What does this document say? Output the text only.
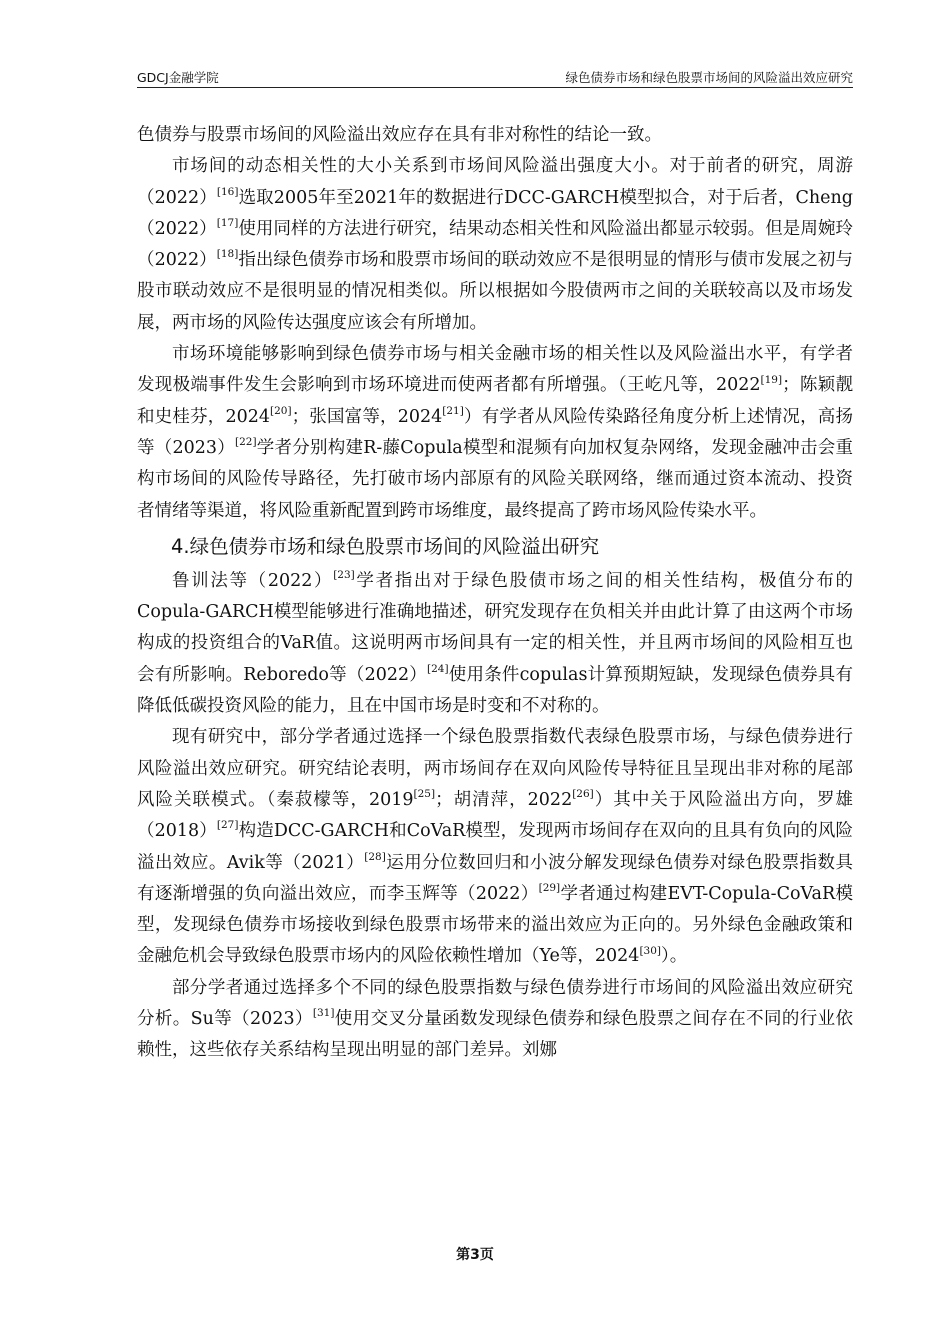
GDCJ金融学院	绿色债券市场和绿色股票市场间的风险溢出效应研究

色债券与股票市场间的风险溢出效应存在具有非对称性的结论一致。

市场间的动态相关性的大小关系到市场间风险溢出强度大小。对于前者的研究，周游（2022）[16]选取2005年至2021年的数据进行DCC-GARCH模型拟合，对于后者，Cheng（2022）[17]使用同样的方法进行研究，结果动态相关性和风险溢出都显示较弱。但是周婉玲（2022）[18]指出绿色债券市场和股票市场间的联动效应不是很明显的情形与债市发展之初与股市联动效应不是很明显的情况相类似。所以根据如今股债两市之间的关联较高以及市场发展，两市场的风险传达强度应该会有所增加。

市场环境能够影响到绿色债券市场与相关金融市场的相关性以及风险溢出水平，有学者发现极端事件发生会影响到市场环境进而使两者都有所增强。（王屹凡等，2022[19]；陈颖靓和史桂芬，2024[20]；张国富等，2024[21]）有学者从风险传染路径角度分析上述情况，高扬等（2023）[22]学者分别构建R-藤Copula模型和混频有向加权复杂网络，发现金融冲击会重构市场间的风险传导路径，先打破市场内部原有的风险关联网络，继而通过资本流动、投资者情绪等渠道，将风险重新配置到跨市场维度，最终提高了跨市场风险传染水平。

4.绿色债券市场和绿色股票市场间的风险溢出研究

鲁训法等（2022）[23]学者指出对于绿色股债市场之间的相关性结构，极值分布的Copula-GARCH模型能够进行准确地描述，研究发现存在负相关并由此计算了由这两个市场构成的投资组合的VaR值。这说明两市场间具有一定的相关性，并且两市场间的风险相互也会有所影响。Reboredo等（2022）[24]使用条件copulas计算预期短缺，发现绿色债券具有降低低碳投资风险的能力，且在中国市场是时变和不对称的。

现有研究中，部分学者通过选择一个绿色股票指数代表绿色股票市场，与绿色债券进行风险溢出效应研究。研究结论表明，两市场间存在双向风险传导特征且呈现出非对称的尾部风险关联模式。（秦菽檬等，2019[25]；胡清萍，2022[26]）其中关于风险溢出方向，罗雄（2018）[27]构造DCC-GARCH和CoVaR模型，发现两市场间存在双向的且具有负向的风险溢出效应。Avik等（2021）[28]运用分位数回归和小波分解发现绿色债券对绿色股票指数具有逐渐增强的负向溢出效应，而李玉辉等（2022）[29]学者通过构建EVT-Copula-CoVaR模型，发现绿色债券市场接收到绿色股票市场带来的溢出效应为正向的。另外绿色金融政策和金融危机会导致绿色股票市场内的风险依赖性增加（Ye等，2024[30]）。

部分学者通过选择多个不同的绿色股票指数与绿色债券进行市场间的风险溢出效应研究分析。Su等（2023）[31]使用交叉分量函数发现绿色债券和绿色股票之间存在不同的行业依赖性，这些依存关系结构呈现出明显的部门差异。刘娜

第3页
